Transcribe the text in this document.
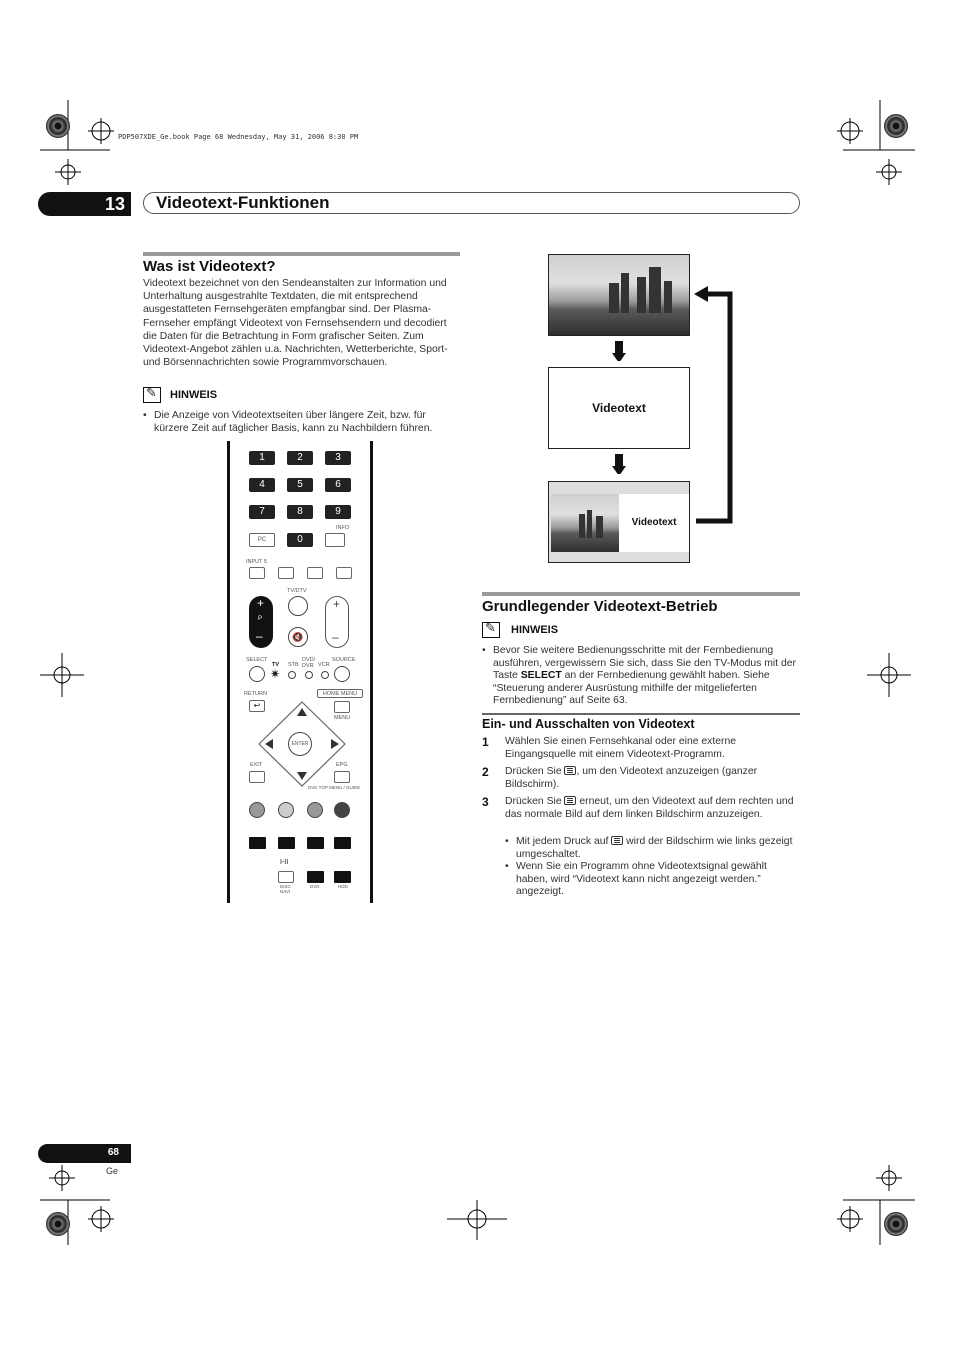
PDP507XDE_Ge.book Page 68 Wednesday, May 31, 2006 8:30 PM
13 Videotext-Funktionen
Was ist Videotext?

Videotext bezeichnet von den Sendeanstalten zur Information und Unterhaltung ausgestrahlte Textdaten, die mit entsprechend ausgestatteten Fernsehgeräten empfangbar sind. Der Plasma-Fernseher empfängt Videotext von Fernsehsendern und decodiert die Daten für die Betrachtung in Form grafischer Seiten. Zum Videotext-Angebot zählen u.a. Nachrichten, Wetterberichte, Sport- und Börsennachrichten sowie Programmvorschauen.

✎
HINWEIS
• Die Anzeige von Videotextseiten über längere Zeit, bzw. für kürzere Zeit auf täglicher Basis, kann zu Nachbildern führen.
1	2	3
4	5	6
7	8	9
INFO
PC	0
INPUT 5
TV/DTV
+
P
–	🔇
+
–
SELECT
TV
✷
STB
DVD/ DVR VCR
SOURCE
RETURN
↩
HOME MENU
MENU
ENTER
EXIT	EPG
DVD TOP MENU / GUIDE
I-II
DISC NAVI
DVD	HDD
Videotext
Videotext
Grundlegender Videotext-Betrieb
✎
HINWEIS
• Bevor Sie weitere Bedienungsschritte mit der Fernbedienung ausführen, vergewissern Sie sich, dass Sie den TV-Modus mit der Taste SELECT an der Fernbedienung gewählt haben. Siehe “Steuerung anderer Ausrüstung mithilfe der mitgelieferten Fernbedienung” auf Seite 63.
Ein- und Ausschalten von Videotext
1 Wählen Sie einen Fernsehkanal oder eine externe Eingangsquelle mit einem Videotext-Programm.
2 Drücken Sie , um den Videotext anzuzeigen (ganzer Bildschirm).
3 Drücken Sie  erneut, um den Videotext auf dem rechten und das normale Bild auf dem linken Bildschirm anzuzeigen.
• Mit jedem Druck auf  wird der Bildschirm wie links gezeigt umgeschaltet.
• Wenn Sie ein Programm ohne Videotextsignal gewählt haben, wird “Videotext kann nicht angezeigt werden.” angezeigt.
68
Ge
